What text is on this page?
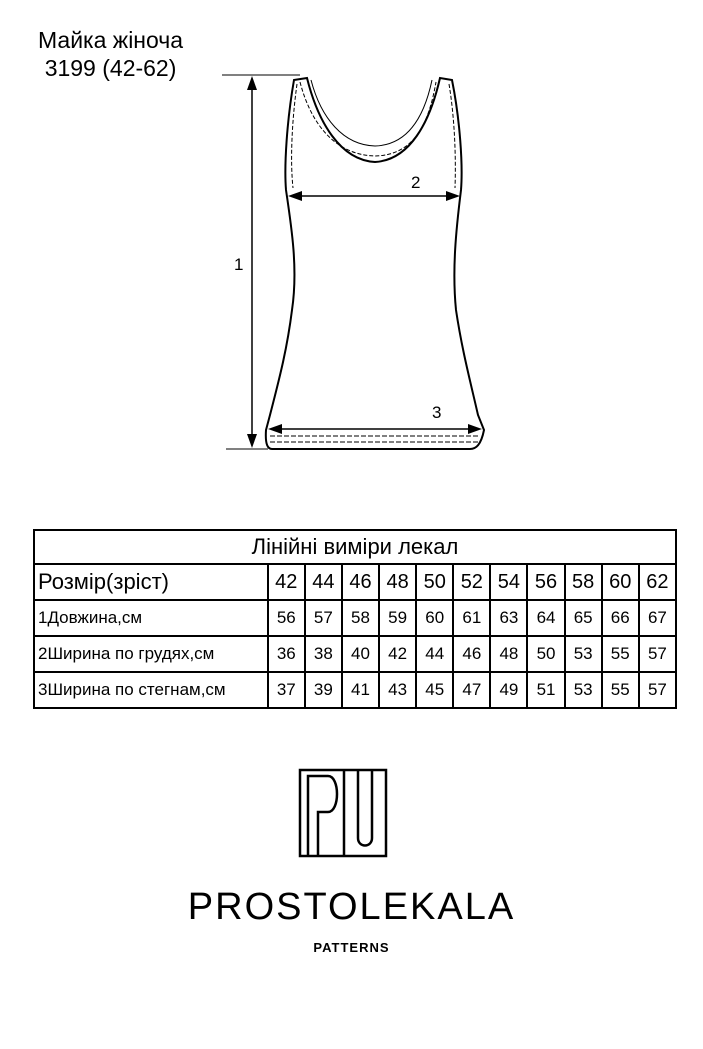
Майка жіноча
3199 (42-62)
1
2
3
Лінійні виміри лекал											
Розмір(зріст)	42	44	46	48	50	52	54	56	58	60	62
1Довжина,см	56	57	58	59	60	61	63	64	65	66	67
2Ширина по грудях,см	36	38	40	42	44	46	48	50	53	55	57
3Ширина по стегнам,см	37	39	41	43	45	47	49	51	53	55	57
PROSTOLEKALA
PATTERNS
